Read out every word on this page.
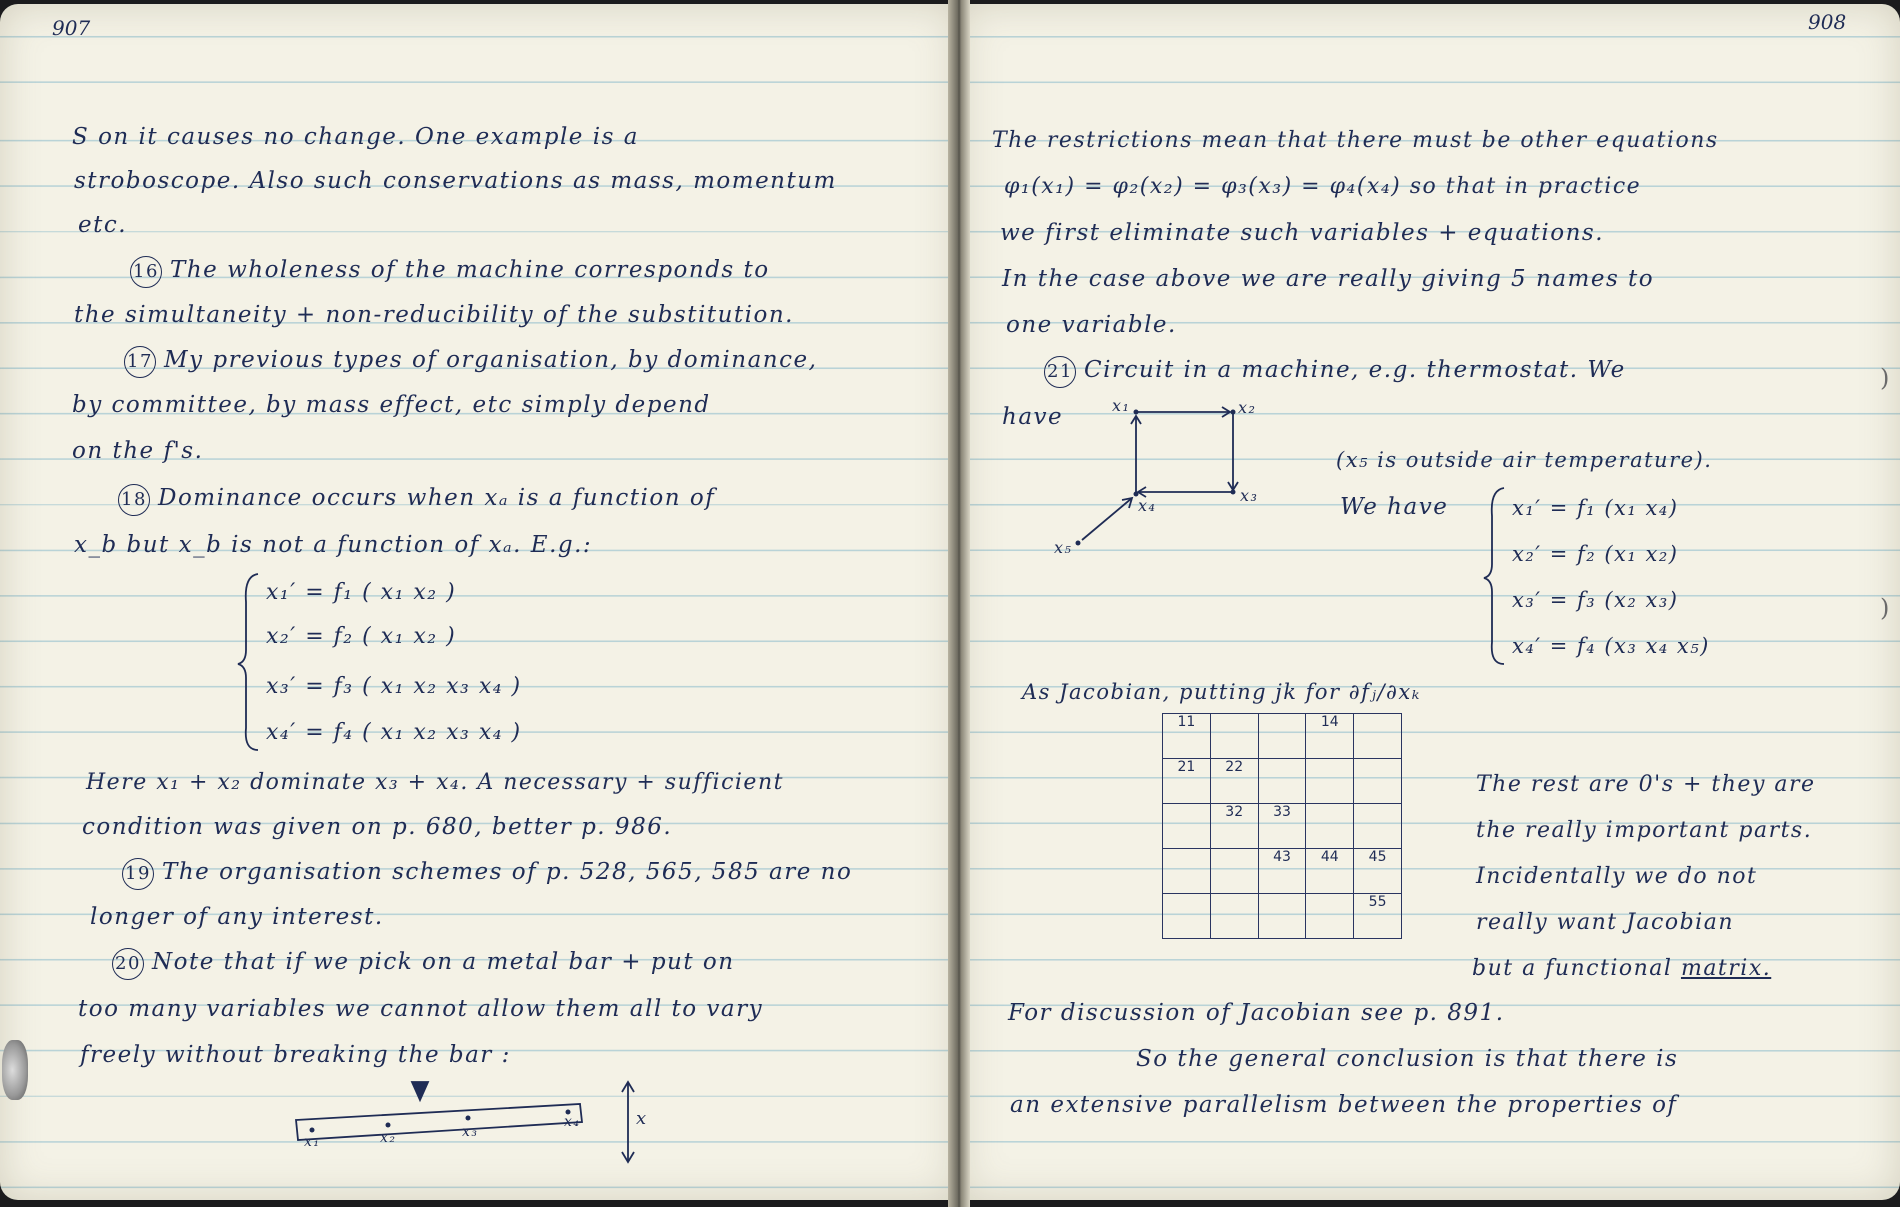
907
S on it causes no change. One example is a
stroboscope. Also such conservations as mass, momentum
etc.
16 The wholeness of the machine corresponds to
the simultaneity + non-reducibility of the substitution.
17 My previous types of organisation, by dominance,
by committee, by mass effect, etc simply depend
on the f's.
18 Dominance occurs when xₐ is a function of
x_b but x_b is not a function of xₐ. E.g.:
x₁′ = f₁ ( x₁ x₂ )
x₂′ = f₂ ( x₁ x₂ )
x₃′ = f₃ ( x₁ x₂ x₃ x₄ )
x₄′ = f₄ ( x₁ x₂ x₃ x₄ )
Here x₁ + x₂ dominate x₃ + x₄. A necessary + sufficient
condition was given on p. 680, better p. 986.
19 The organisation schemes of p. 528, 565, 585 are no
longer of any interest.
20 Note that if we pick on a metal bar + put on
too many variables we cannot allow them all to vary
freely without breaking the bar :
x₁	x₂	x₃
x₄	x
908
The restrictions mean that there must be other equations
φ₁(x₁) = φ₂(x₂) = φ₃(x₃) = φ₄(x₄) so that in practice
we first eliminate such variables + equations.
In the case above we are really giving 5 names to
one variable.
21 Circuit in a machine, e.g. thermostat. We
have	x₁	x₂
x₃
x₄
x₅
(x₅ is outside air temperature).
We have	x₁′ = f₁ (x₁ x₄)
x₂′ = f₂ (x₁ x₂)
x₃′ = f₃ (x₂ x₃)
x₄′ = f₄ (x₃ x₄ x₅)
As Jacobian, putting jk for ∂fⱼ/∂xₖ
11			14	
21	22			
	32	33		
		43	44	45
				55
The rest are 0's + they are
the really important parts.
Incidentally we do not
really want Jacobian
but a functional matrix.
For discussion of Jacobian see p. 891.
So the general conclusion is that there is
an extensive parallelism between the properties of
)
)
